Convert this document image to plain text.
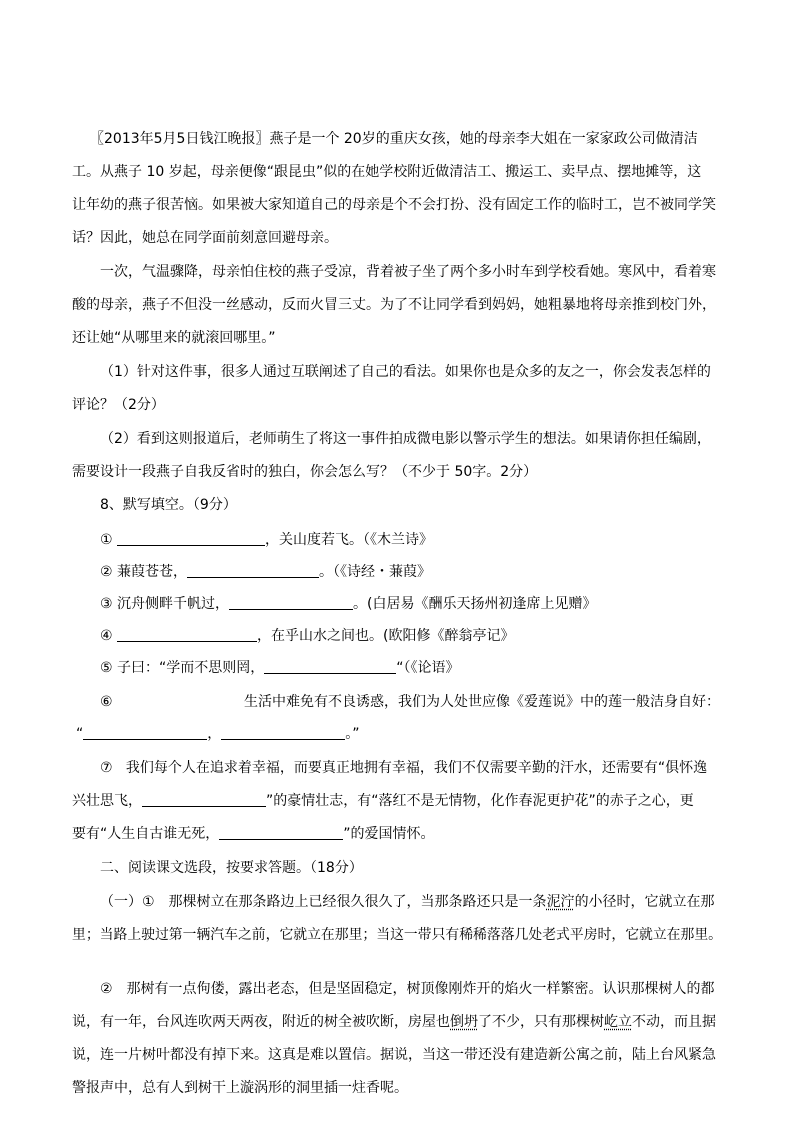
〖2013年5月5日钱江晚报〗燕子是一个 20岁的重庆女孩，她的母亲李大姐在一家家政公司做清洁
工。从燕子 10 岁起，母亲便像“跟昆虫”似的在她学校附近做清洁工、搬运工、卖早点、摆地摊等，这
让年幼的燕子很苦恼。如果被大家知道自己的母亲是个不会打扮、没有固定工作的临时工，岂不被同学笑
话？因此，她总在同学面前刻意回避母亲。
一次，气温骤降，母亲怕住校的燕子受凉，背着被子坐了两个多小时车到学校看她。寒风中，看着寒
酸的母亲，燕子不但没一丝感动，反而火冒三丈。为了不让同学看到妈妈，她粗暴地将母亲推到校门外，
还让她“从哪里来的就滚回哪里。”
（1）针对这件事，很多人通过互联阐述了自己的看法。如果你也是众多的友之一，你会发表怎样的
评论？（2分）
（2）看到这则报道后，老师萌生了将这一事件拍成微电影以警示学生的想法。如果请你担任编剧，
需要设计一段燕子自我反省时的独白，你会怎么写？（不少于 50字。2分）
8、默写填空。（9分）
①	，关山度若飞。（《木兰诗》
② 蒹葭苍苍，	。（《诗经・蒹葭》
③ 沉舟侧畔千帆过，	。(白居易《酬乐天扬州初逢席上见赠》
④	，在乎山水之间也。(欧阳修《醉翁亭记》
⑤ 子曰：“学而不思则罔，	“（《论语》
⑥	生活中难免有不良诱惑，我们为人处世应像《爱莲说》中的莲一般洁身自好：
“	，	。”
⑦ 我们每个人在追求着幸福，而要真正地拥有幸福，我们不仅需要辛勤的汗水，还需要有“俱怀逸
兴壮思飞，	”的豪情壮志，有“落红不是无情物，化作春泥更护花”的赤子之心，更
要有“人生自古谁无死，	”的爱国情怀。
二、阅读课文选段，按要求答题。（18分）
（一）①　那棵树立在那条路边上已经很久很久了，当那条路还只是一条泥泞的小径时，它就立在那
里；当路上驶过第一辆汽车之前，它就立在那里；当这一带只有稀稀落落几处老式平房时，它就立在那里。
②　那树有一点佝偻，露出老态，但是坚固稳定，树顶像刚炸开的焰火一样繁密。认识那棵树人的都
说，有一年，台风连吹两天两夜，附近的树全被吹断，房屋也倒坍了不少，只有那棵树屹立不动，而且据
说，连一片树叶都没有掉下来。这真是难以置信。据说，当这一带还没有建造新公寓之前，陆上台风紧急
警报声中，总有人到树干上漩涡形的洞里插一炷香呢。
